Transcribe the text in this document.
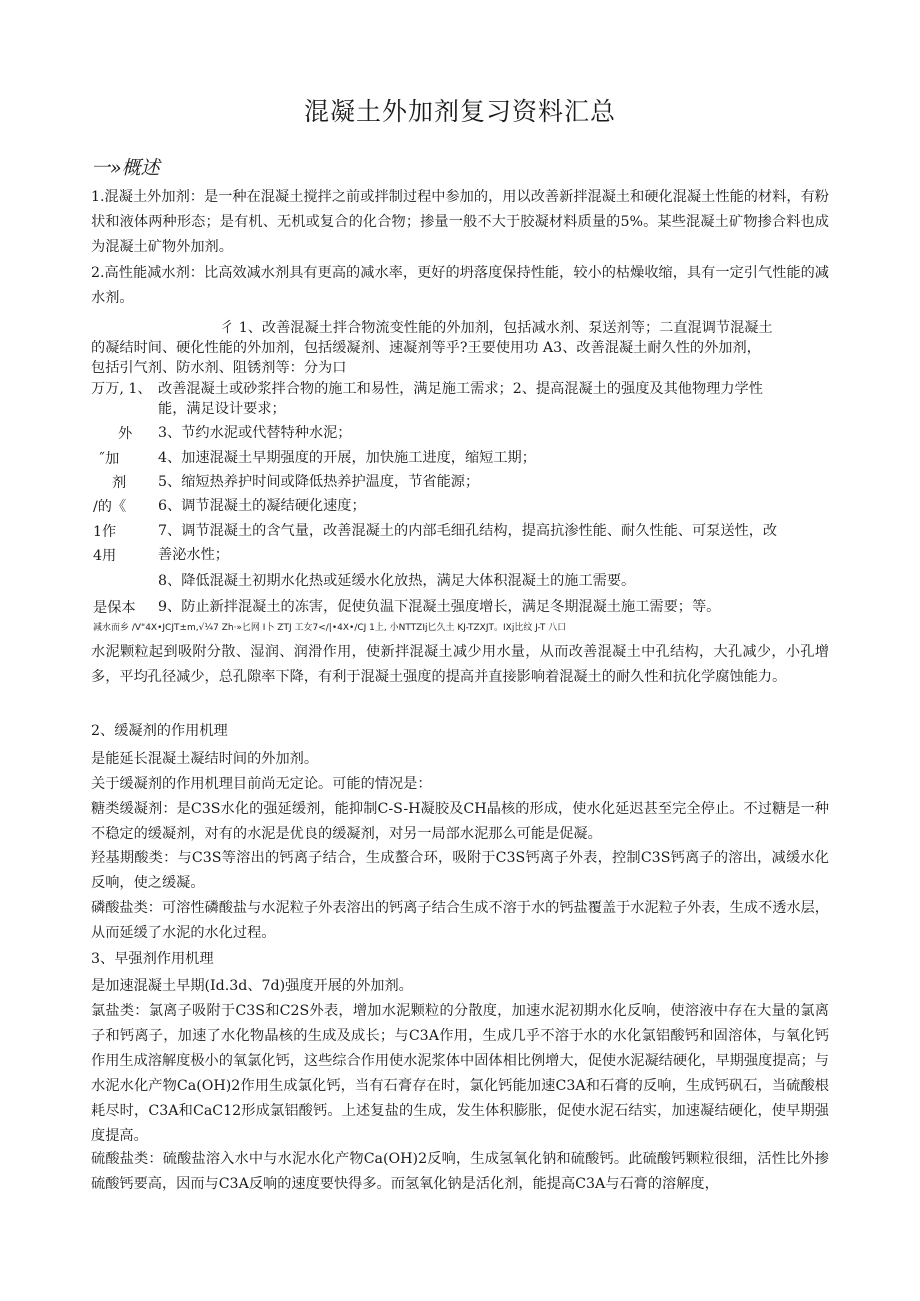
混凝土外加剂复习资料汇总
一»概述
1.混凝土外加剂：是一种在混凝土搅拌之前或拌制过程中参加的，用以改善新拌混凝土和硬化混凝土性能的材料，有粉状和液体两种形态；是有机、无机或复合的化合物；掺量一般不大于胶凝材料质量的5%。某些混凝土矿物掺合料也成为混凝土矿物外加剂。
2.高性能减水剂：比高效减水剂具有更高的减水率，更好的坍落度保持性能，较小的枯燥收缩，具有一定引气性能的减水剂。
彳 1、改善混凝土拌合物流变性能的外加剂，包括减水剂、泵送剂等；二直混调节混凝土
的凝结时间、硬化性能的外加剂，包括缓凝剂、速凝剂等乎?王要使用功 A3、改善混凝土耐久性的外加剂，
包括引气剂、防水剂、阻锈剂等：分为口
万万, 1、 改善混凝土或砂浆拌合物的施工和易性，满足施工需求；2、提高混凝土的强度及其他物理力学性
能，满足设计要求；
外
˝加
剂
/的《
1作
4用
是保本
3、节约水泥或代替特种水泥；
4、加速混凝土早期强度的开展，加快施工进度，缩短工期；
5、缩短热养护时间或降低热养护温度，节省能源；
6、调节混凝土的凝结硬化速度；
7、调节混凝土的含气量，改善混凝土的内部毛细孔结构，提高抗渗性能、耐久性能、可泵送性，改
善泌水性；
8、降低混凝土初期水化热或延缓水化放热，满足大体积混凝土的施工需要。
9、防止新拌混凝土的冻害，促使负温下混凝土强度增长，满足冬期混凝土施工需要；等。
减水而乡 /V"4X•JCJT±m,√¼7 Zh·»匕网 I卜 ZTJ 工女7</|•4X•/CJ 1上, 小NTTZIj匕久土 KJ-TZXJT。IXj比纹 J-T 八口
水泥颗粒起到吸附分散、湿润、润滑作用，使新拌混凝土减少用水量，从而改善混凝土中孔结构，大孔减少，小孔增多，平均孔径减少，总孔隙率下降，有利于混凝土强度的提高并直接影响着混凝土的耐久性和抗化学腐蚀能力。
2、缓凝剂的作用机理
是能延长混凝土凝结时间的外加剂。
关于缓凝剂的作用机理目前尚无定论。可能的情况是：
糖类缓凝剂：是C3S水化的强延缓剂，能抑制C-S-H凝胶及CH晶核的形成，使水化延迟甚至完全停止。不过糖是一种不稳定的缓凝剂，对有的水泥是优良的缓凝剂，对另一局部水泥那么可能是促凝。
羟基期酸类：与C3S等溶出的钙离子结合，生成螯合环，吸附于C3S钙离子外表，控制C3S钙离子的溶出，减缓水化反响，使之缓凝。
磷酸盐类：可溶性磷酸盐与水泥粒子外表溶出的钙离子结合生成不溶于水的钙盐覆盖于水泥粒子外表，生成不透水层，从而延缓了水泥的水化过程。
3、早强剂作用机理
是加速混凝土早期(Id.3d、7d)强度开展的外加剂。
氯盐类：氯离子吸附于C3S和C2S外表，增加水泥颗粒的分散度，加速水泥初期水化反响，使溶液中存在大量的氯离子和钙离子，加速了水化物晶核的生成及成长；与C3A作用，生成几乎不溶于水的水化氯铝酸钙和固溶体，与氧化钙作用生成溶解度极小的氧氯化钙，这些综合作用使水泥浆体中固体相比例增大，促使水泥凝结硬化，早期强度提高；与水泥水化产物Ca(OH)2作用生成氯化钙，当有石膏存在时，氯化钙能加速C3A和石膏的反响，生成钙矾石，当硫酸根耗尽时，C3A和CaC12形成氯铝酸钙。上述复盐的生成，发生体积膨胀，促使水泥石结实，加速凝结硬化，使早期强度提高。
硫酸盐类：硫酸盐溶入水中与水泥水化产物Ca(OH)2反响，生成氢氧化钠和硫酸钙。此硫酸钙颗粒很细，活性比外掺硫酸钙要高，因而与C3A反响的速度要快得多。而氢氧化钠是活化剂，能提高C3A与石膏的溶解度，
